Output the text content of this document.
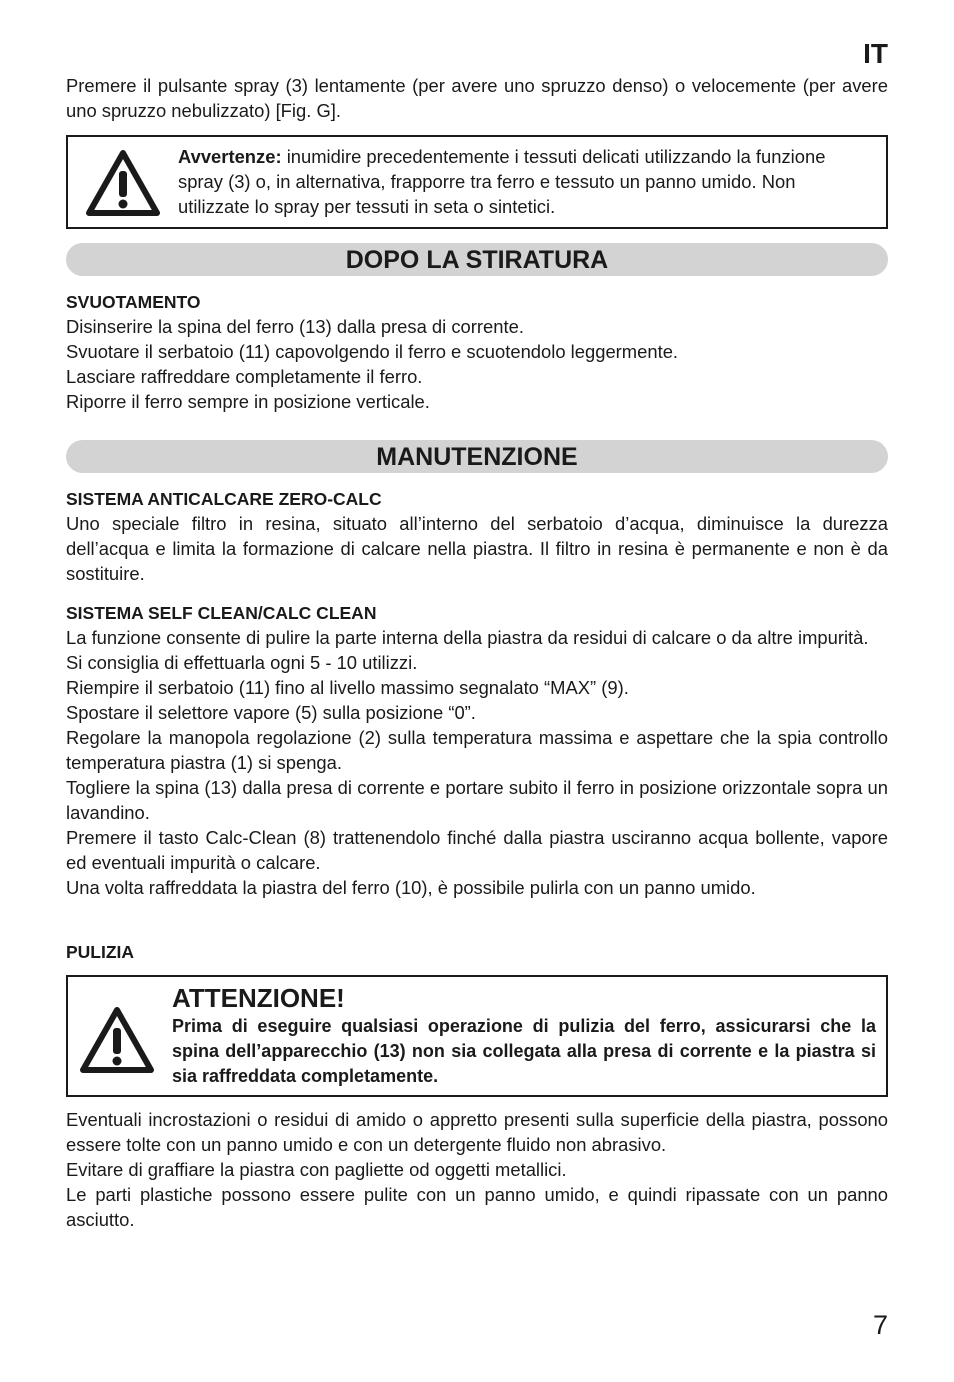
IT

Premere il pulsante spray (3) lentamente (per avere uno spruzzo denso) o velocemente (per avere uno spruzzo nebulizzato) [Fig. G].

Avvertenze: inumidire precedentemente i tessuti delicati utilizzando la funzione spray (3) o, in alternativa, frapporre tra ferro e tessuto un panno umido. Non utilizzate lo spray per tessuti in seta o sintetici.

DOPO LA STIRATURA
SVUOTAMENTO

Disinserire la spina del ferro (13) dalla presa di corrente.

Svuotare il serbatoio (11) capovolgendo il ferro e scuotendolo leggermente.

Lasciare raffreddare completamente il ferro.

Riporre il ferro sempre in posizione verticale.

MANUTENZIONE
SISTEMA ANTICALCARE ZERO-CALC

Uno speciale filtro in resina, situato all’interno del serbatoio d’acqua, diminuisce la durezza dell’acqua e limita la formazione di calcare nella piastra. Il filtro in resina è permanente e non è da sostituire.

SISTEMA SELF CLEAN/CALC CLEAN

La funzione consente di pulire la parte interna della piastra da residui di calcare o da altre impurità.

Si consiglia di effettuarla ogni 5 - 10 utilizzi.

Riempire il serbatoio (11) fino al livello massimo segnalato “MAX” (9).

Spostare il selettore vapore (5) sulla posizione “0”.

Regolare la manopola regolazione (2) sulla temperatura massima e aspettare che la spia controllo temperatura piastra (1) si spenga.

Togliere la spina (13) dalla presa di corrente e portare subito il ferro in posizione orizzontale sopra un lavandino.

Premere il tasto Calc-Clean (8) trattenendolo finché dalla piastra usciranno acqua bollente, vapore ed eventuali impurità o calcare.

Una volta raffreddata la piastra del ferro (10), è possibile pulirla con un panno umido.

PULIZIA
ATTENZIONE!

Prima di eseguire qualsiasi operazione di pulizia del ferro, assicurarsi che la spina dell’apparecchio (13) non sia collegata alla presa di corrente e la piastra si sia raffreddata completamente.

Eventuali incrostazioni o residui di amido o appretto presenti sulla superficie della piastra, possono essere tolte con un panno umido e con un detergente fluido non abrasivo.

Evitare di graffiare la piastra con pagliette od oggetti metallici.

Le parti plastiche possono essere pulite con un panno umido, e quindi ripassate con un panno asciutto.

7
